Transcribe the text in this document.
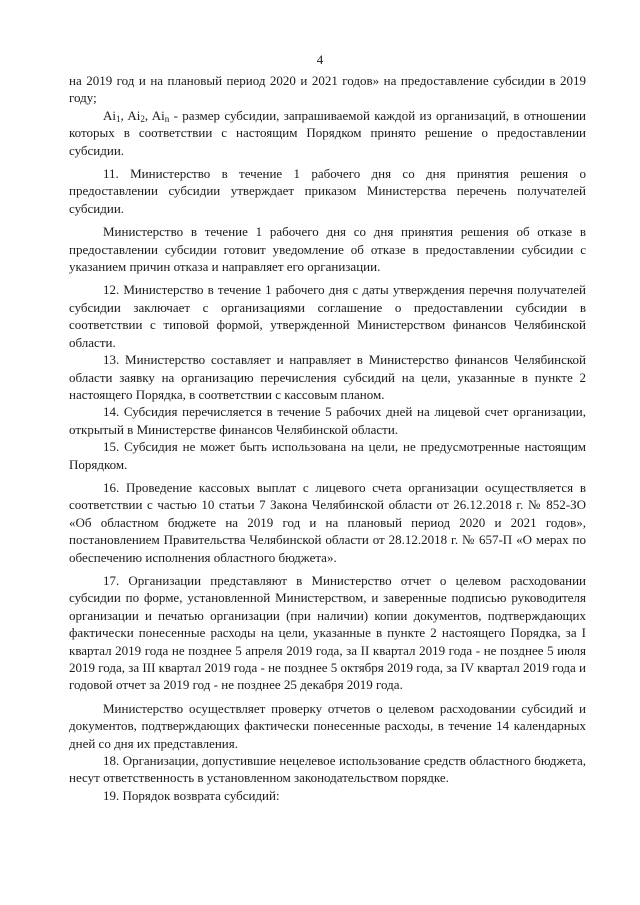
4

на 2019 год и на плановый период 2020 и 2021 годов» на предоставление субсидии в 2019 году;

$Ai_1$, $Ai_2$, $Ai_n$ - размер субсидии, запрашиваемой каждой из организаций, в отношении которых в соответствии с настоящим Порядком принято решение о предоставлении субсидии.

11. Министерство в течение 1 рабочего дня со дня принятия решения о предоставлении субсидии утверждает приказом Министерства перечень получателей субсидии.

Министерство в течение 1 рабочего дня со дня принятия решения об отказе в предоставлении субсидии готовит уведомление об отказе в предоставлении субсидии с указанием причин отказа и направляет его организации.

12. Министерство в течение 1 рабочего дня с даты утверждения перечня получателей субсидии заключает с организациями соглашение о предоставлении субсидии в соответствии с типовой формой, утвержденной Министерством финансов Челябинской области.

13. Министерство составляет и направляет в Министерство финансов Челябинской области заявку на организацию перечисления субсидий на цели, указанные в пункте 2 настоящего Порядка, в соответствии с кассовым планом.

14. Субсидия перечисляется в течение 5 рабочих дней на лицевой счет организации, открытый в Министерстве финансов Челябинской области.

15. Субсидия не может быть использована на цели, не предусмотренные настоящим Порядком.

16. Проведение кассовых выплат с лицевого счета организации осуществляется в соответствии с частью 10 статьи 7 Закона Челябинской области от 26.12.2018 г. № 852-ЗО «Об областном бюджете на 2019 год и на плановый период 2020 и 2021 годов», постановлением Правительства Челябинской области от 28.12.2018 г. № 657-П «О мерах по обеспечению исполнения областного бюджета».

17. Организации представляют в Министерство отчет о целевом расходовании субсидии по форме, установленной Министерством, и заверенные подписью руководителя организации и печатью организации (при наличии) копии документов, подтверждающих фактически понесенные расходы на цели, указанные в пункте 2 настоящего Порядка, за I квартал 2019 года не позднее 5 апреля 2019 года, за II квартал 2019 года - не позднее 5 июля 2019 года, за III квартал 2019 года - не позднее 5 октября 2019 года, за IV квартал 2019 года и годовой отчет за 2019 год - не позднее 25 декабря 2019 года.

Министерство осуществляет проверку отчетов о целевом расходовании субсидий и документов, подтверждающих фактически понесенные расходы, в течение 14 календарных дней со дня их представления.

18. Организации, допустившие нецелевое использование средств областного бюджета, несут ответственность в установленном законодательством порядке.

19. Порядок возврата субсидий:
